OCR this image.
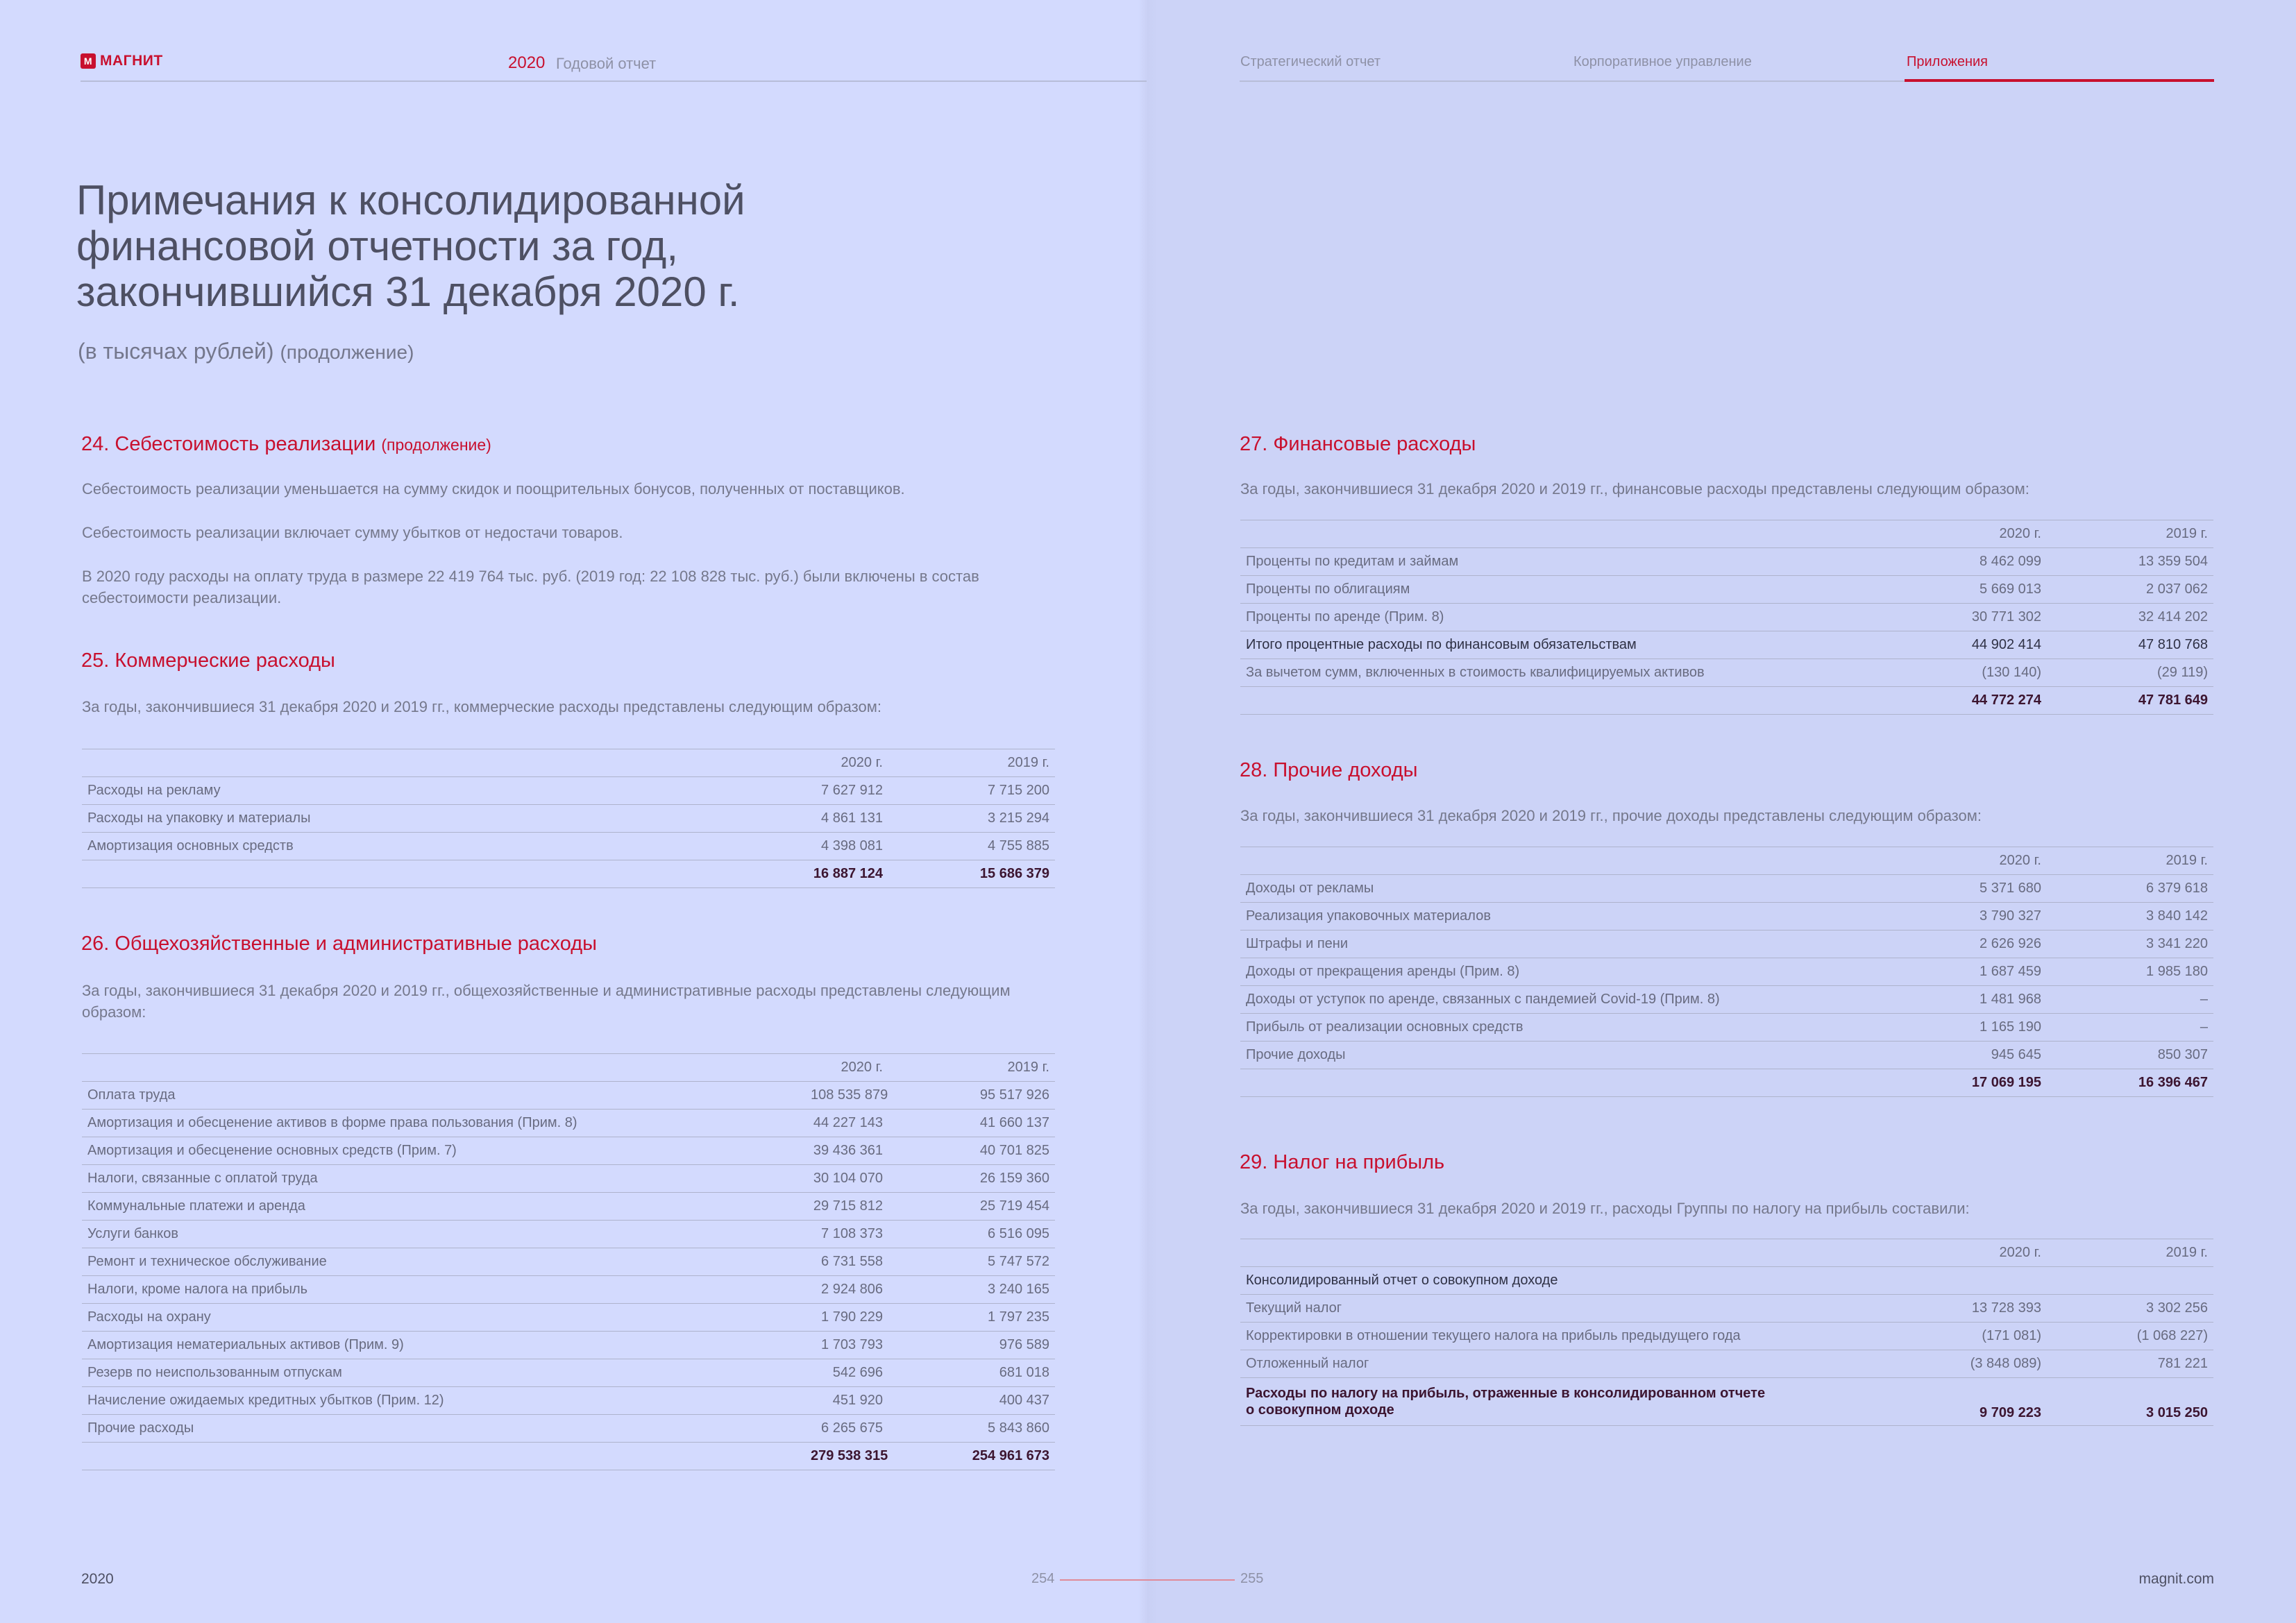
M МАГНИТ	2020 Годовой отчет	Стратегический отчет	Корпоративное управление	Приложения
Примечания к консолидированной
финансовой отчетности за год,
закончившийся 31 декабря 2020 г.
(в тысячах рублей) (продолжение)
24. Себестоимость реализации (продолжение)

Себестоимость реализации уменьшается на сумму скидок и поощрительных бонусов, полученных от поставщиков.

Себестоимость реализации включает сумму убытков от недостачи товаров.

В 2020 году расходы на оплату труда в размере 22 419 764 тыс. руб. (2019 год: 22 108 828 тыс. руб.) были включены в состав себестоимости реализации.

25. Коммерческие расходы

За годы, закончившиеся 31 декабря 2020 и 2019 гг., коммерческие расходы представлены следующим образом:

	2020 г.	2019 г.
Расходы на рекламу	7 627 912	7 715 200
Расходы на упаковку и материалы	4 861 131	3 215 294
Амортизация основных средств	4 398 081	4 755 885
	16 887 124	15 686 379
26. Общехозяйственные и административные расходы

За годы, закончившиеся 31 декабря 2020 и 2019 гг., общехозяйственные и административные расходы представлены следующим образом:

	2020 г.	2019 г.
Оплата труда	108 535 879	95 517 926
Амортизация и обесценение активов в форме права пользования (Прим. 8)	44 227 143	41 660 137
Амортизация и обесценение основных средств (Прим. 7)	39 436 361	40 701 825
Налоги, связанные с оплатой труда	30 104 070	26 159 360
Коммунальные платежи и аренда	29 715 812	25 719 454
Услуги банков	7 108 373	6 516 095
Ремонт и техническое обслуживание	6 731 558	5 747 572
Налоги, кроме налога на прибыль	2 924 806	3 240 165
Расходы на охрану	1 790 229	1 797 235
Амортизация нематериальных активов (Прим. 9)	1 703 793	976 589
Резерв по неиспользованным отпускам	542 696	681 018
Начисление ожидаемых кредитных убытков (Прим. 12)	451 920	400 437
Прочие расходы	6 265 675	5 843 860
	279 538 315	254 961 673
27. Финансовые расходы

За годы, закончившиеся 31 декабря 2020 и 2019 гг., финансовые расходы представлены следующим образом:

	2020 г.	2019 г.
Проценты по кредитам и займам	8 462 099	13 359 504
Проценты по облигациям	5 669 013	2 037 062
Проценты по аренде (Прим. 8)	30 771 302	32 414 202
Итого процентные расходы по финансовым обязательствам	44 902 414	47 810 768
За вычетом сумм, включенных в стоимость квалифицируемых активов	(130 140)	(29 119)
	44 772 274	47 781 649
28. Прочие доходы

За годы, закончившиеся 31 декабря 2020 и 2019 гг., прочие доходы представлены следующим образом:

	2020 г.	2019 г.
Доходы от рекламы	5 371 680	6 379 618
Реализация упаковочных материалов	3 790 327	3 840 142
Штрафы и пени	2 626 926	3 341 220
Доходы от прекращения аренды (Прим. 8)	1 687 459	1 985 180
Доходы от уступок по аренде, связанных с пандемией Covid-19 (Прим. 8)	1 481 968	–
Прибыль от реализации основных средств	1 165 190	–
Прочие доходы	945 645	850 307
	17 069 195	16 396 467
29. Налог на прибыль

За годы, закончившиеся 31 декабря 2020 и 2019 гг., расходы Группы по налогу на прибыль составили:

	2020 г.	2019 г.
Консолидированный отчет о совокупном доходе		
Текущий налог	13 728 393	3 302 256
Корректировки в отношении текущего налога на прибыль предыдущего года	(171 081)	(1 068 227)
Отложенный налог	(3 848 089)	781 221
Расходы по налогу на прибыль, отраженные в консолидированном отчете
о совокупном доходе	9 709 223	3 015 250
2020	254	255	magnit.com
